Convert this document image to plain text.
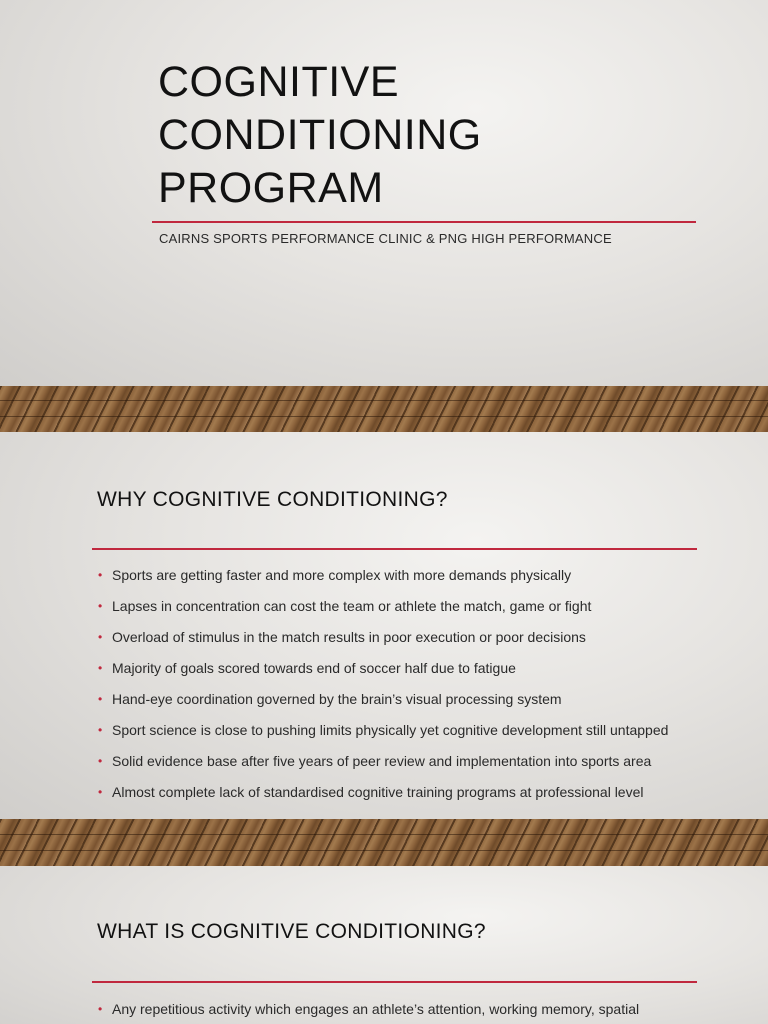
COGNITIVE
CONDITIONING
PROGRAM

CAIRNS SPORTS PERFORMANCE CLINIC & PNG HIGH PERFORMANCE

WHY COGNITIVE CONDITIONING?
• Sports are getting faster and more complex with more demands physically
• Lapses in concentration can cost the team or athlete the match, game or fight
• Overload of stimulus in the match results in poor execution or poor decisions
• Majority of goals scored towards end of soccer half due to fatigue
• Hand-eye coordination governed by the brain’s visual processing system
• Sport science is close to pushing limits physically yet cognitive development still untapped
• Solid evidence base after five years of peer review and implementation into sports area
• Almost complete lack of standardised cognitive training programs at professional level
WHAT IS COGNITIVE CONDITIONING?
• Any repetitious activity which engages an athlete’s attention, working memory, spatial
